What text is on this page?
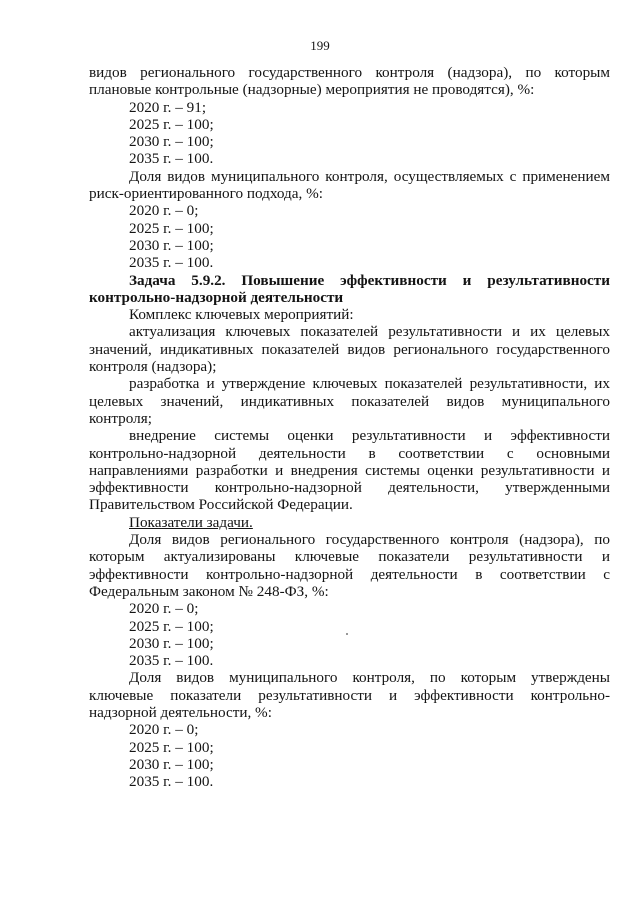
199
видов регионального государственного контроля (надзора), по которым
плановые контрольные (надзорные) мероприятия не проводятся), %:
2020 г. – 91;
2025 г. – 100;
2030 г. – 100;
2035 г. – 100.
Доля видов муниципального контроля, осуществляемых с применением
риск-ориентированного подхода, %:
2020 г. – 0;
2025 г. – 100;
2030 г. – 100;
2035 г. – 100.
Задача 5.9.2. Повышение эффективности и результативности
контрольно-надзорной деятельности
Комплекс ключевых мероприятий:
актуализация ключевых показателей результативности и их целевых
значений, индикативных показателей видов регионального государственного
контроля (надзора);
разработка и утверждение ключевых показателей результативности, их
целевых значений, индикативных показателей видов муниципального
контроля;
внедрение системы оценки результативности и эффективности
контрольно-надзорной деятельности в соответствии с основными
направлениями разработки и внедрения системы оценки результативности и
эффективности контрольно-надзорной деятельности, утвержденными
Правительством Российской Федерации.
Показатели задачи.
Доля видов регионального государственного контроля (надзора), по
которым актуализированы ключевые показатели результативности и
эффективности контрольно-надзорной деятельности в соответствии с
Федеральным законом № 248-ФЗ, %:
2020 г. – 0;
2025 г. – 100;
2030 г. – 100;
2035 г. – 100.
Доля видов муниципального контроля, по которым утверждены
ключевые показатели результативности и эффективности контрольно-
надзорной деятельности, %:
2020 г. – 0;
2025 г. – 100;
2030 г. – 100;
2035 г. – 100.
